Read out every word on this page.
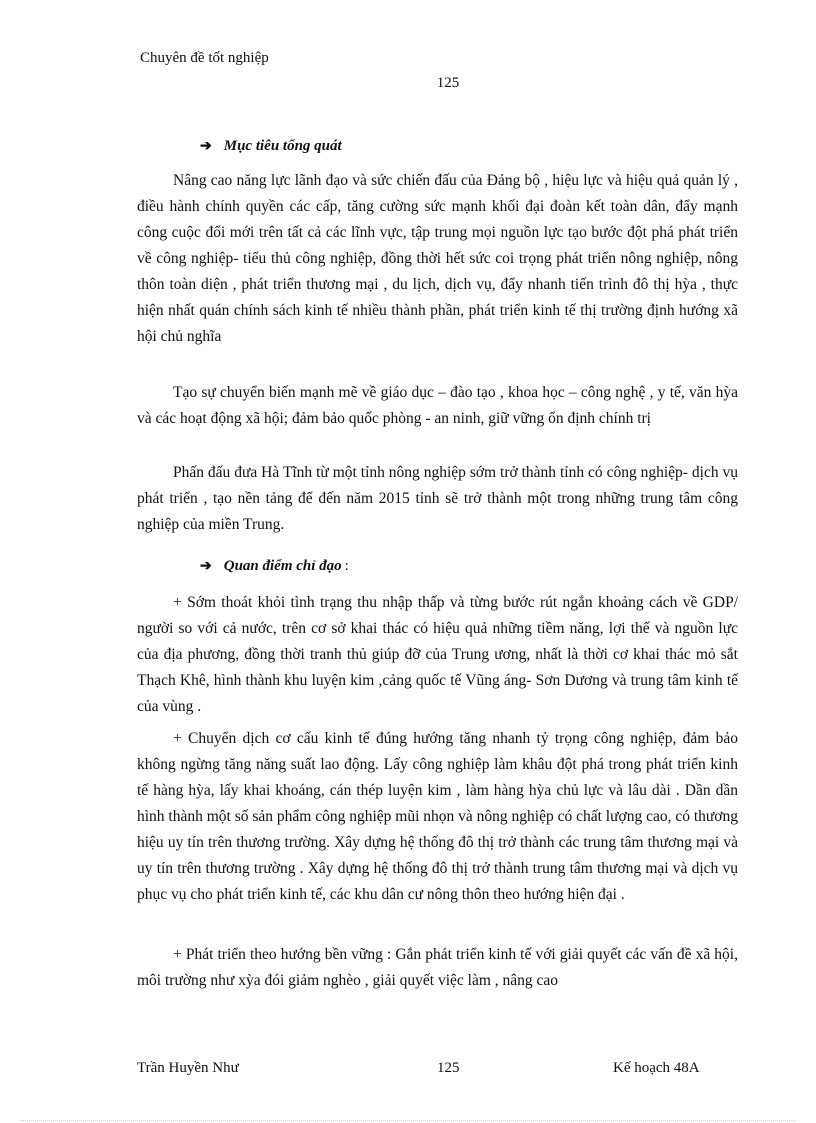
Chuyên đề tốt nghiệp
125
➔ Mục tiêu tổng quát

Nâng cao năng lực lãnh đạo và sức chiến đấu của Đảng bộ , hiệu lực và hiệu quả quản lý , điều hành chính quyền các cấp, tăng cường sức mạnh khối đại đoàn kết toàn dân, đẩy mạnh công cuộc đổi mới trên tất cả các lĩnh vực, tập trung mọi nguồn lực tạo bước đột phá phát triển về công nghiệp- tiểu thủ công nghiệp, đồng thời hết sức coi trọng phát triển nông nghiệp, nông thôn toàn diện , phát triển thương mại , du lịch, dịch vụ, đẩy nhanh tiến trình đô thị hỳa , thực hiện nhất quán chính sách kinh tế nhiều thành phần, phát triển kinh tế thị trường định hướng xã hội chủ nghĩa

Tạo sự chuyển biến mạnh mẽ về giáo dục – đào tạo , khoa học – công nghệ , y tế, văn hỳa và các hoạt động xã hội; đảm bảo quốc phòng - an ninh, giữ vững ổn định chính trị

Phấn đấu đưa Hà Tĩnh từ một tỉnh nông nghiệp sớm trở thành tỉnh có công nghiệp- dịch vụ phát triển , tạo nền tảng để đến năm 2015 tỉnh sẽ trở thành một trong những trung tâm công nghiệp của miền Trung.

➔ Quan điểm chỉ đạo :

+ Sớm thoát khỏi tình trạng thu nhập thấp và từng bước rút ngắn khoảng cách về GDP/ người so với cả nước, trên cơ sở khai thác có hiệu quả những tiềm năng, lợi thế và nguồn lực của địa phương, đồng thời tranh thủ giúp đỡ của Trung ương, nhất là thời cơ khai thác mỏ sắt Thạch Khê, hình thành khu luyện kim ,cảng quốc tế Vũng áng- Sơn Dương và trung tâm kinh tế của vùng .

+ Chuyển dịch cơ cấu kinh tế đúng hướng tăng nhanh tỷ trọng công nghiệp, đảm bảo không ngừng tăng năng suất lao động. Lấy công nghiệp làm khâu đột phá trong phát triển kinh tế hàng hỳa, lấy khai khoáng, cán thép luyện kim , làm hàng hỳa chủ lực và lâu dài . Dần dần hình thành một số sản phẩm công nghiệp mũi nhọn và nông nghiệp có chất lượng cao, có thương hiệu uy tín trên thương trường. Xây dựng hệ thống đô thị trở thành các trung tâm thương mại và uy tín trên thương trường . Xây dựng hệ thống đô thị trở thành trung tâm thương mại và dịch vụ phục vụ cho phát triển kinh tế, các khu dân cư nông thôn theo hướng hiện đại .

+ Phát triển theo hướng bền vững : Gắn phát triển kinh tế với giải quyết các vấn đề xã hội, môi trường như xỳa đói giảm nghèo , giải quyết việc làm , nâng cao

Trần Huyền Như	125	Kế hoạch 48A
